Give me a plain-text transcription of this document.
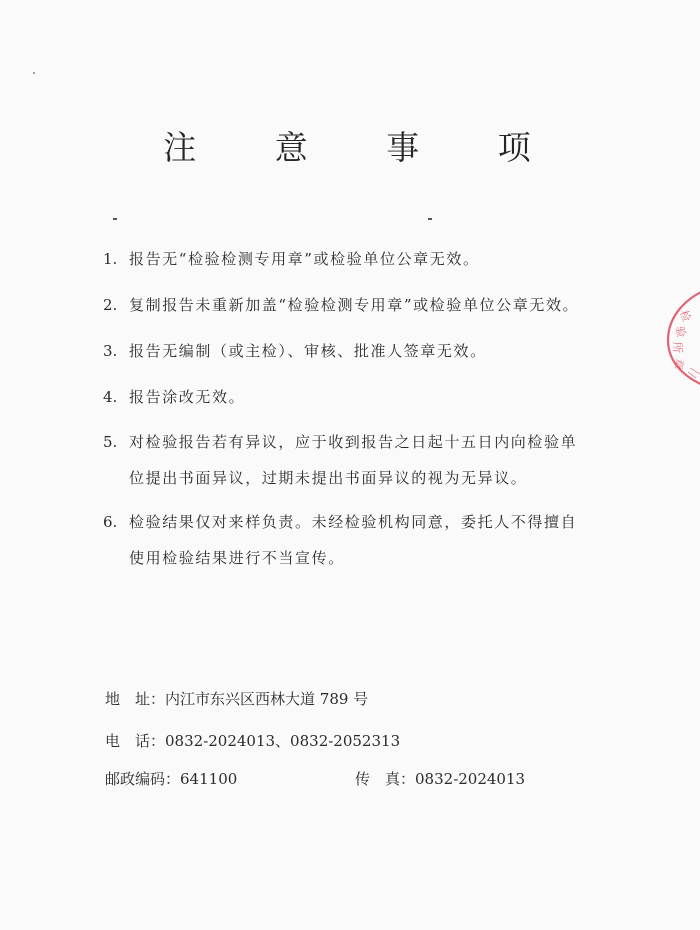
注 意 事 项
1. 报告无“检验检测专用章”或检验单位公章无效。
2. 复制报告未重新加盖“检验检测专用章”或检验单位公章无效。
3. 报告无编制（或主检）、审核、批准人签章无效。
4. 报告涂改无效。
5. 对检验报告若有异议，应于收到报告之日起十五日内向检验单
位提出书面异议，过期未提出书面异议的视为无异议。
6. 检验结果仅对来样负责。未经检验机构同意，委托人不得擅自
使用检验结果进行不当宣传。
地　址：内江市东兴区西林大道 789 号
电　话：0832-2024013、0832-2052313
邮政编码：641100	传　真：0832-2024013
检
验
所
章
